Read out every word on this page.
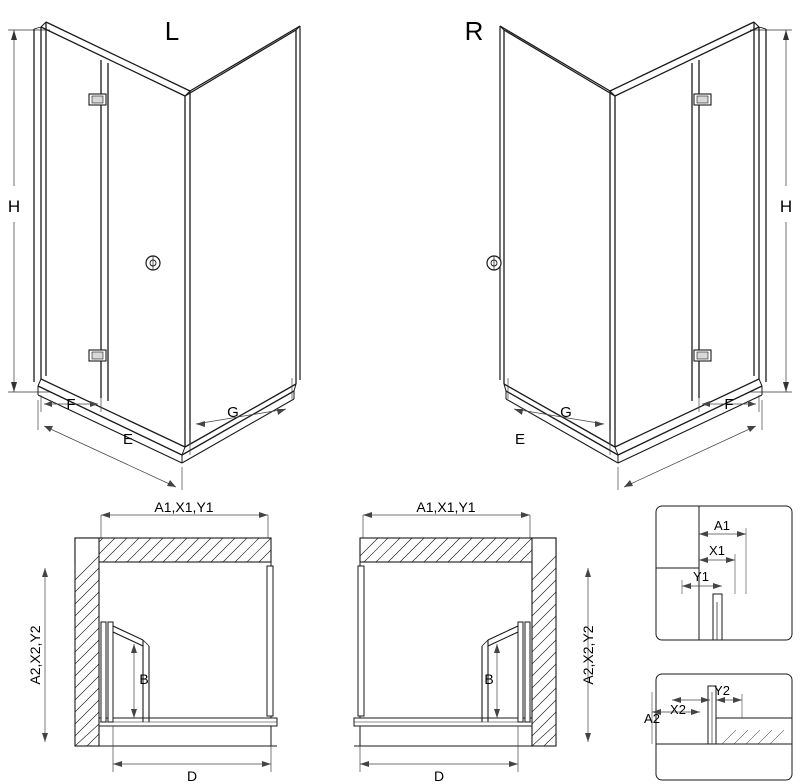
H
L
F	G
E
H
R
F
G
E
A1,X1,Y1
A2,X2,Y2	B
D
A1,X1,Y1
A2,X2,Y2
B
D
A1
X1
Y1
A2
X2
Y2
